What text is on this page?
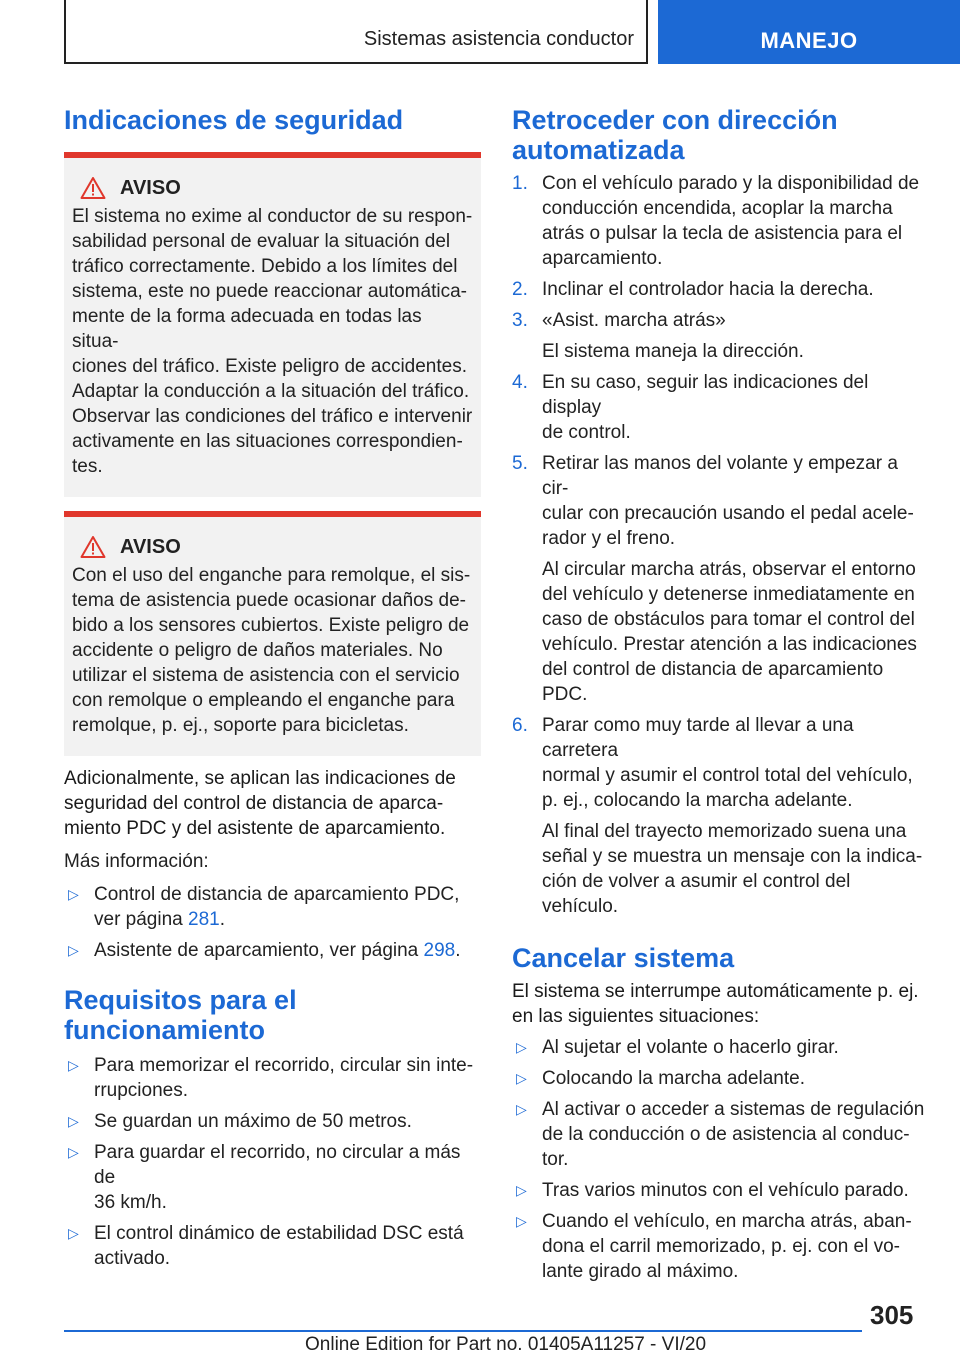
Sistemas asistencia conductor	MANEJO
Indicaciones de seguridad
AVISO
El sistema no exime al conductor de su respon-
sabilidad personal de evaluar la situación del
tráfico correctamente. Debido a los límites del
sistema, este no puede reaccionar automática-
mente de la forma adecuada en todas las situa-
ciones del tráfico. Existe peligro de accidentes.
Adaptar la conducción a la situación del tráfico.
Observar las condiciones del tráfico e intervenir
activamente en las situaciones correspondien-
tes.
AVISO
Con el uso del enganche para remolque, el sis-
tema de asistencia puede ocasionar daños de-
bido a los sensores cubiertos. Existe peligro de
accidente o peligro de daños materiales. No
utilizar el sistema de asistencia con el servicio
con remolque o empleando el enganche para
remolque, p. ej., soporte para bicicletas.
Adicionalmente, se aplican las indicaciones de
seguridad del control de distancia de aparca-
miento PDC y del asistente de aparcamiento.

Más información:

▷ Control de distancia de aparcamiento PDC,
ver página 281.
▷ Asistente de aparcamiento, ver página 298.
Requisitos para el
funcionamiento
▷ Para memorizar el recorrido, circular sin inte-
rrupciones.
▷ Se guardan un máximo de 50 metros.
▷ Para guardar el recorrido, no circular a más de
36 km/h.
▷ El control dinámico de estabilidad DSC está
activado.
Retroceder con dirección
automatizada
1. Con el vehículo parado y la disponibilidad de
conducción encendida, acoplar la marcha
atrás o pulsar la tecla de asistencia para el
aparcamiento.
2. Inclinar el controlador hacia la derecha.
3. «Asist. marcha atrás»
El sistema maneja la dirección.
4. En su caso, seguir las indicaciones del display
de control.
5. Retirar las manos del volante y empezar a cir-
cular con precaución usando el pedal acele-
rador y el freno.
Al circular marcha atrás, observar el entorno
del vehículo y detenerse inmediatamente en
caso de obstáculos para tomar el control del
vehículo. Prestar atención a las indicaciones
del control de distancia de aparcamiento
PDC.
6. Parar como muy tarde al llevar a una carretera
normal y asumir el control total del vehículo,
p. ej., colocando la marcha adelante.
Al final del trayecto memorizado suena una
señal y se muestra un mensaje con la indica-
ción de volver a asumir el control del vehículo.
Cancelar sistema
El sistema se interrumpe automáticamente p. ej.
en las siguientes situaciones:
▷ Al sujetar el volante o hacerlo girar.
▷ Colocando la marcha adelante.
▷ Al activar o acceder a sistemas de regulación
de la conducción o de asistencia al conduc-
tor.
▷ Tras varios minutos con el vehículo parado.
▷ Cuando el vehículo, en marcha atrás, aban-
dona el carril memorizado, p. ej. con el vo-
lante girado al máximo.
305
Online Edition for Part no. 01405A11257 - VI/20
